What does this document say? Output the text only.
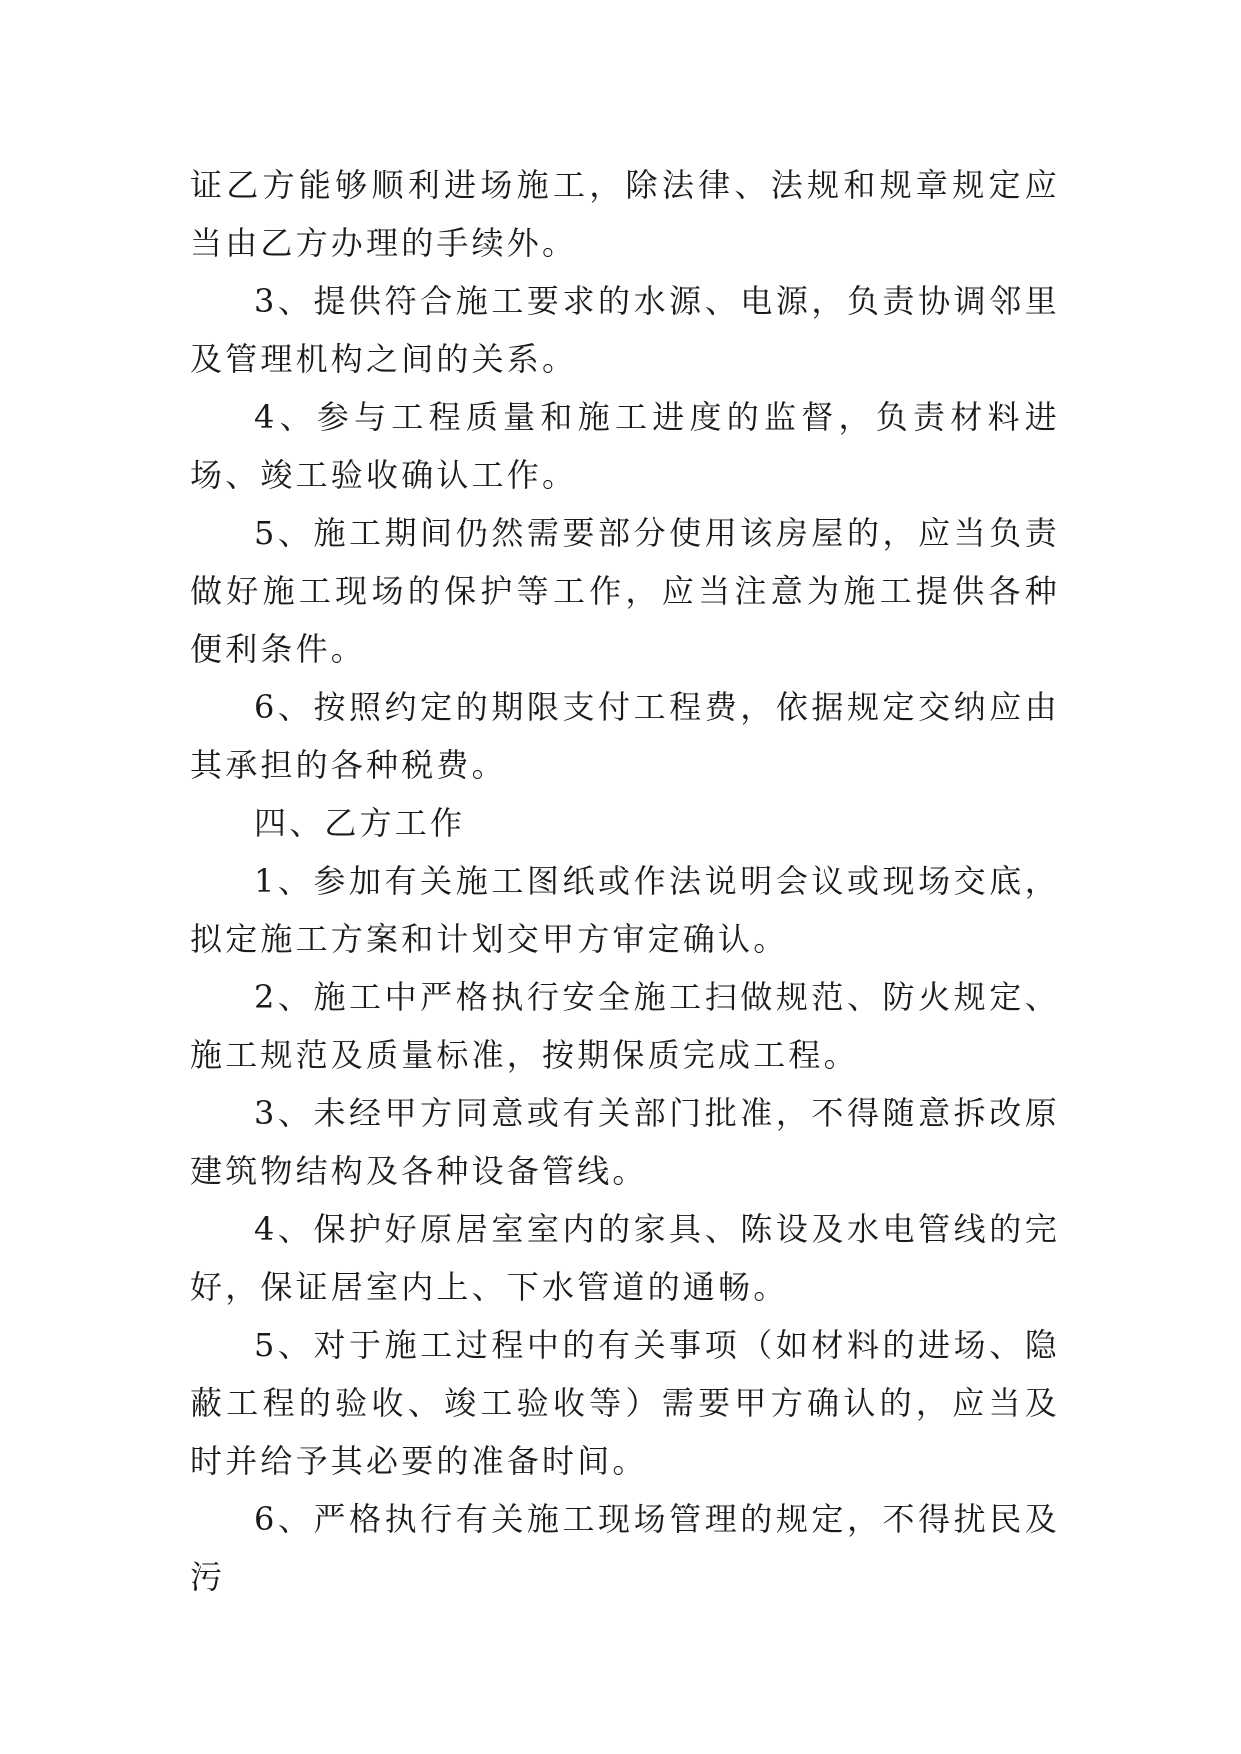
证乙方能够顺利进场施工，除法律、法规和规章规定应当由乙方办理的手续外。

3、提供符合施工要求的水源、电源，负责协调邻里及管理机构之间的关系。

4、参与工程质量和施工进度的监督，负责材料进场、竣工验收确认工作。

5、施工期间仍然需要部分使用该房屋的，应当负责做好施工现场的保护等工作，应当注意为施工提供各种便利条件。

6、按照约定的期限支付工程费，依据规定交纳应由其承担的各种税费。

四、乙方工作

1、参加有关施工图纸或作法说明会议或现场交底，拟定施工方案和计划交甲方审定确认。

2、施工中严格执行安全施工扫做规范、防火规定、施工规范及质量标准，按期保质完成工程。

3、未经甲方同意或有关部门批准，不得随意拆改原建筑物结构及各种设备管线。

4、保护好原居室室内的家具、陈设及水电管线的完好，保证居室内上、下水管道的通畅。

5、对于施工过程中的有关事项（如材料的进场、隐蔽工程的验收、竣工验收等）需要甲方确认的，应当及时并给予其必要的准备时间。

6、严格执行有关施工现场管理的规定，不得扰民及污
